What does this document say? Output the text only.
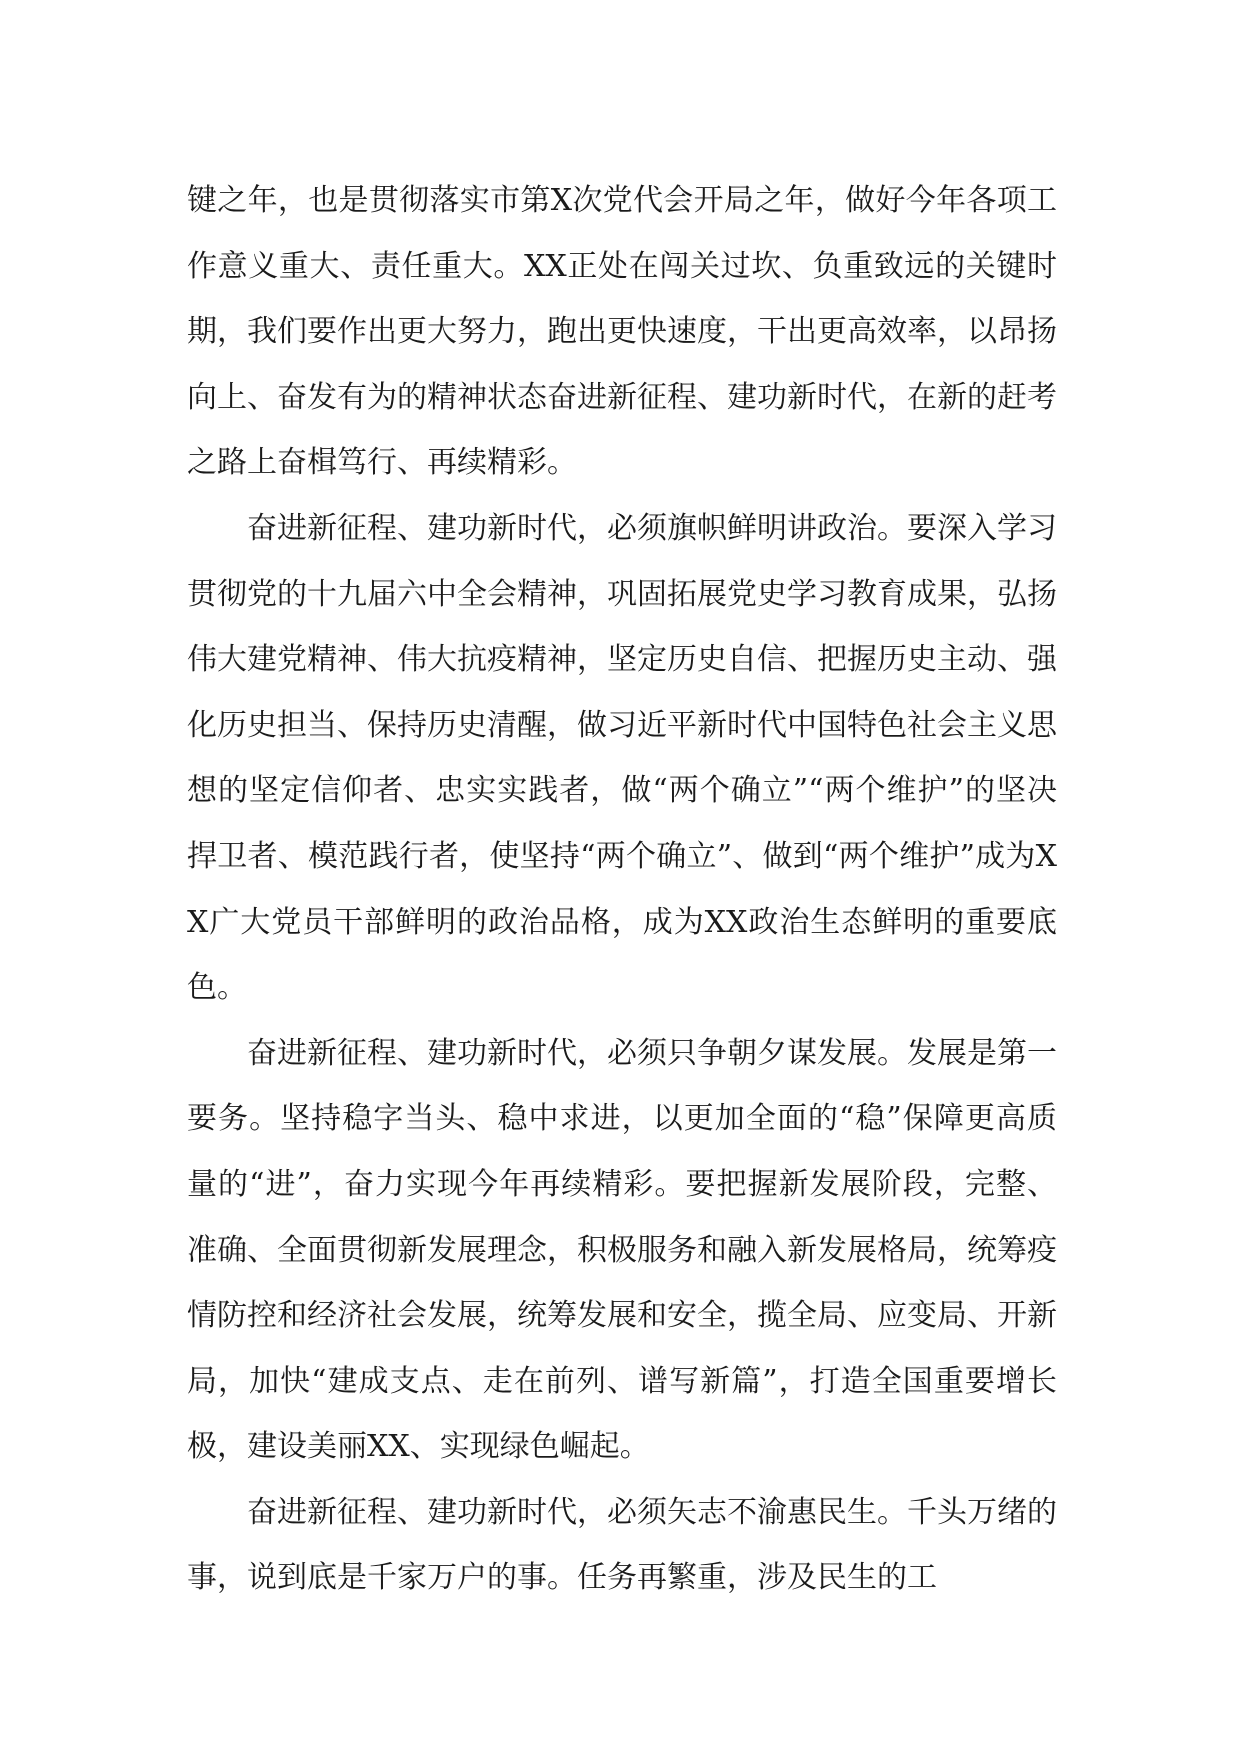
键之年，也是贯彻落实市第X次党代会开局之年，做好今年各项工作意义重大、责任重大。XX正处在闯关过坎、负重致远的关键时期，我们要作出更大努力，跑出更快速度，干出更高效率，以昂扬向上、奋发有为的精神状态奋进新征程、建功新时代，在新的赶考之路上奋楫笃行、再续精彩。

奋进新征程、建功新时代，必须旗帜鲜明讲政治。要深入学习贯彻党的十九届六中全会精神，巩固拓展党史学习教育成果，弘扬伟大建党精神、伟大抗疫精神，坚定历史自信、把握历史主动、强化历史担当、保持历史清醒，做习近平新时代中国特色社会主义思想的坚定信仰者、忠实实践者，做“两个确立”“两个维护”的坚决捍卫者、模范践行者，使坚持“两个确立”、做到“两个维护”成为XX广大党员干部鲜明的政治品格，成为XX政治生态鲜明的重要底色。

奋进新征程、建功新时代，必须只争朝夕谋发展。发展是第一要务。坚持稳字当头、稳中求进，以更加全面的“稳”保障更高质量的“进”，奋力实现今年再续精彩。要把握新发展阶段，完整、准确、全面贯彻新发展理念，积极服务和融入新发展格局，统筹疫情防控和经济社会发展，统筹发展和安全，揽全局、应变局、开新局，加快“建成支点、走在前列、谱写新篇”，打造全国重要增长极，建设美丽XX、实现绿色崛起。

奋进新征程、建功新时代，必须矢志不渝惠民生。千头万绪的事，说到底是千家万户的事。任务再繁重，涉及民生的工
